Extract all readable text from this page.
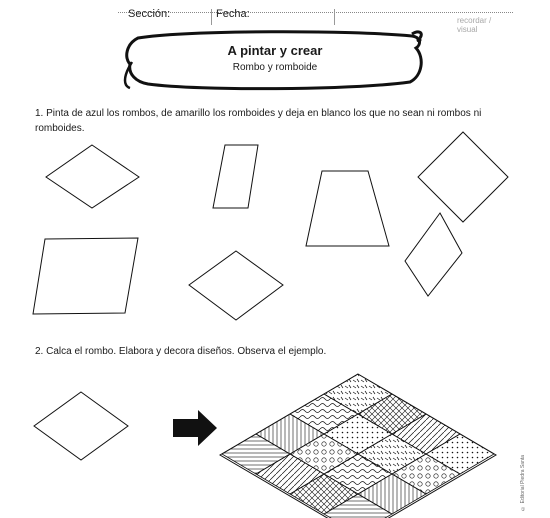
Sección:	Fecha:
recordar / visual
A pintar y crear
Rombo y romboide
1. Pinta de azul los rombos, de amarillo los romboides y deja en blanco los que no sean ni rombos ni romboides.
2. Calca el rombo. Elabora y decora diseños. Observa el ejemplo.
© Editorial Piedra Santa
